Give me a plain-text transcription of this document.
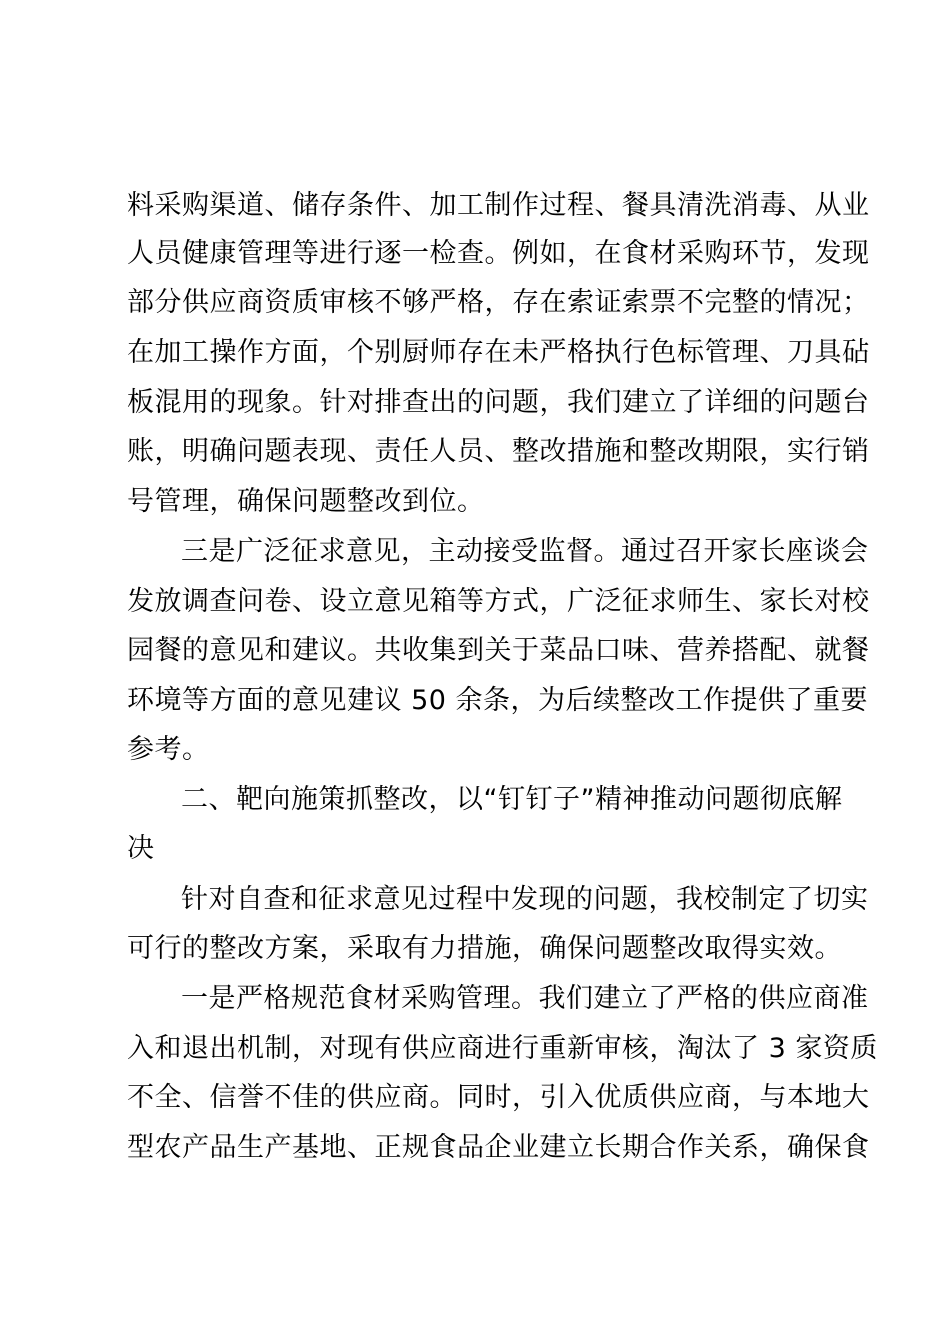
料采购渠道、储存条件、加工制作过程、餐具清洗消毒、从业
人员健康管理等进行逐一检查。例如，在食材采购环节，发现
部分供应商资质审核不够严格，存在索证索票不完整的情况；
在加工操作方面，个别厨师存在未严格执行色标管理、刀具砧
板混用的现象。针对排查出的问题，我们建立了详细的问题台
账，明确问题表现、责任人员、整改措施和整改期限，实行销
号管理，确保问题整改到位。
三是广泛征求意见，主动接受监督。通过召开家长座谈会
发放调查问卷、设立意见箱等方式，广泛征求师生、家长对校
园餐的意见和建议。共收集到关于菜品口味、营养搭配、就餐
环境等方面的意见建议 50 余条，为后续整改工作提供了重要
参考。
二、靶向施策抓整改，以“钉钉子”精神推动问题彻底解
决
针对自查和征求意见过程中发现的问题，我校制定了切实
可行的整改方案，采取有力措施，确保问题整改取得实效。
一是严格规范食材采购管理。我们建立了严格的供应商准
入和退出机制，对现有供应商进行重新审核，淘汰了 3 家资质
不全、信誉不佳的供应商。同时，引入优质供应商，与本地大
型农产品生产基地、正规食品企业建立长期合作关系，确保食
